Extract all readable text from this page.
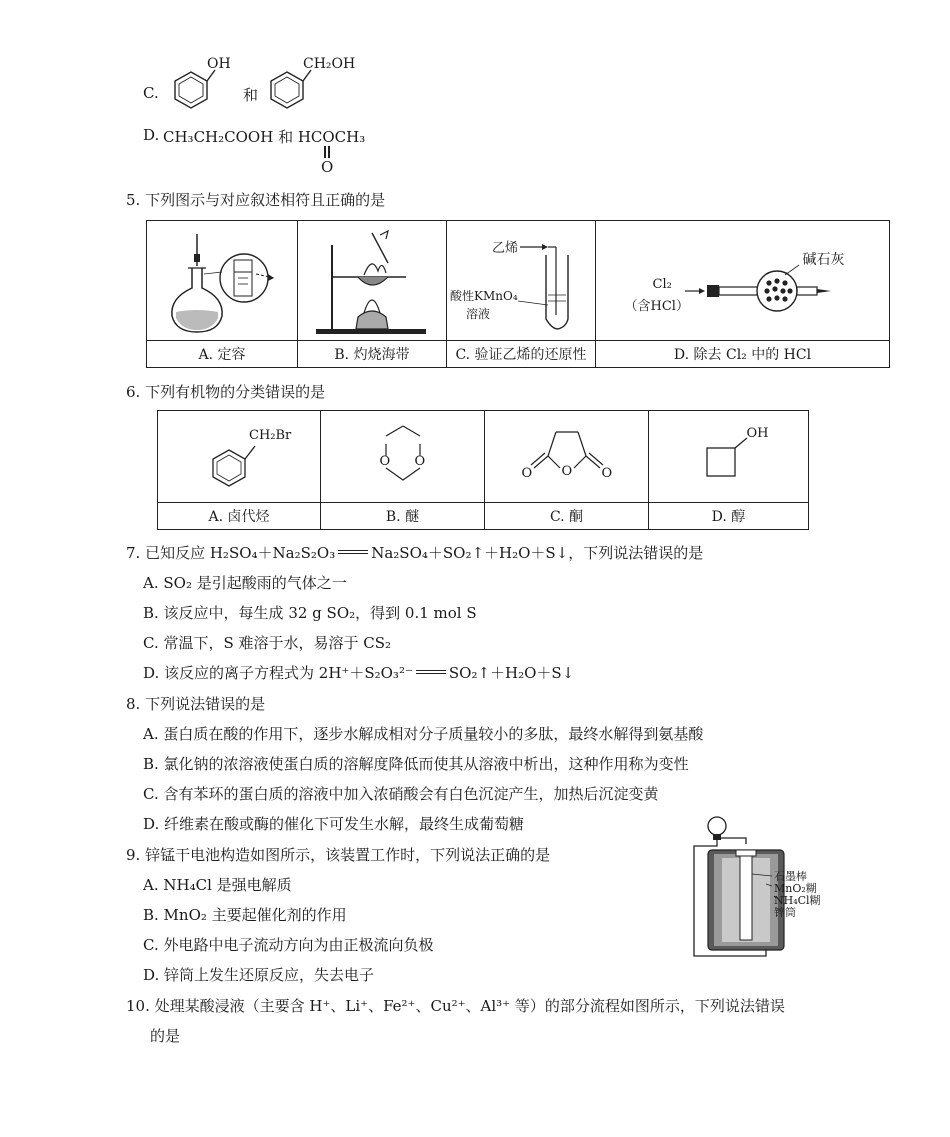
C.
OH
和
CH₂OH
D. CH₃CH₂COOH 和 HCOCH₃
O
5. 下列图示与对应叙述相符且正确的是

乙烯
酸性KMnO₄
溶液	碱石灰
Cl₂
（含HCl）

A. 定容	B. 灼烧海带	C. 验证乙烯的还原性	D. 除去 Cl₂ 中的 HCl
6. 下列有机物的分类错误的是
CH₂Br	O O	O
O O	OH

A. 卤代烃	B. 醚	C. 酮	D. 醇
7. 已知反应 H₂SO₄＋Na₂S₂O₃ Na₂SO₄＋SO₂↑＋H₂O＋S↓，下列说法错误的是
A. SO₂ 是引起酸雨的气体之一
B. 该反应中，每生成 32 g SO₂，得到 0.1 mol S
C. 常温下，S 难溶于水，易溶于 CS₂
D. 该反应的离子方程式为 2H⁺＋S₂O₃²⁻ SO₂↑＋H₂O＋S↓
8. 下列说法错误的是
A. 蛋白质在酸的作用下，逐步水解成相对分子质量较小的多肽，最终水解得到氨基酸
B. 氯化钠的浓溶液使蛋白质的溶解度降低而使其从溶液中析出，这种作用称为变性
C. 含有苯环的蛋白质的溶液中加入浓硝酸会有白色沉淀产生，加热后沉淀变黄
D. 纤维素在酸或酶的催化下可发生水解，最终生成葡萄糖
9. 锌锰干电池构造如图所示，该装置工作时，下列说法正确的是
A. NH₄Cl 是强电解质
B. MnO₂ 主要起催化剂的作用
C. 外电路中电子流动方向为由正极流向负极
D. 锌筒上发生还原反应，失去电子
石墨棒
MnO₂糊
NH₄Cl糊
锌筒
10. 处理某酸浸液（主要含 H⁺、Li⁺、Fe²⁺、Cu²⁺、Al³⁺ 等）的部分流程如图所示，下列说法错误
的是
